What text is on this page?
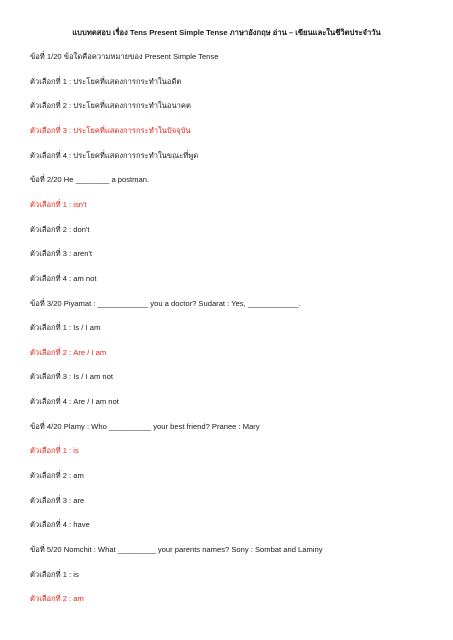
แบบทดสอบ เรื่อง Tens Present Simple Tense ภาษาอังกฤษ อ่าน – เขียนและในชีวิตประจำวัน
ข้อที่ 1/20 ข้อใดคือความหมายของ Present Simple Tense
ตัวเลือกที่ 1 : ประโยคที่แสดงการกระทำในอดีต
ตัวเลือกที่ 2 : ประโยคที่แสดงการกระทำในอนาคต
ตัวเลือกที่ 3 : ประโยคที่แสดงการกระทำในปัจจุบัน
ตัวเลือกที่ 4 : ประโยคที่แสดงการกระทำในขณะที่พูด
ข้อที่ 2/20 He ________ a postman.
ตัวเลือกที่ 1 : isn't
ตัวเลือกที่ 2 : don't
ตัวเลือกที่ 3 : aren't
ตัวเลือกที่ 4 : am not
ข้อที่ 3/20 Piyamat : ____________ you a doctor? Sudarat : Yes, ____________.
ตัวเลือกที่ 1 : Is / I am
ตัวเลือกที่ 2 : Are / I am
ตัวเลือกที่ 3 : Is / I am not
ตัวเลือกที่ 4 : Are / I am not
ข้อที่ 4/20 Plamy : Who __________ your best friend? Pranee : Mary
ตัวเลือกที่ 1 : is
ตัวเลือกที่ 2 : am
ตัวเลือกที่ 3 : are
ตัวเลือกที่ 4 : have
ข้อที่ 5/20 Nomchit : What _________ your parents names? Sony : Sombat and Laminy
ตัวเลือกที่ 1 : is
ตัวเลือกที่ 2 : am
